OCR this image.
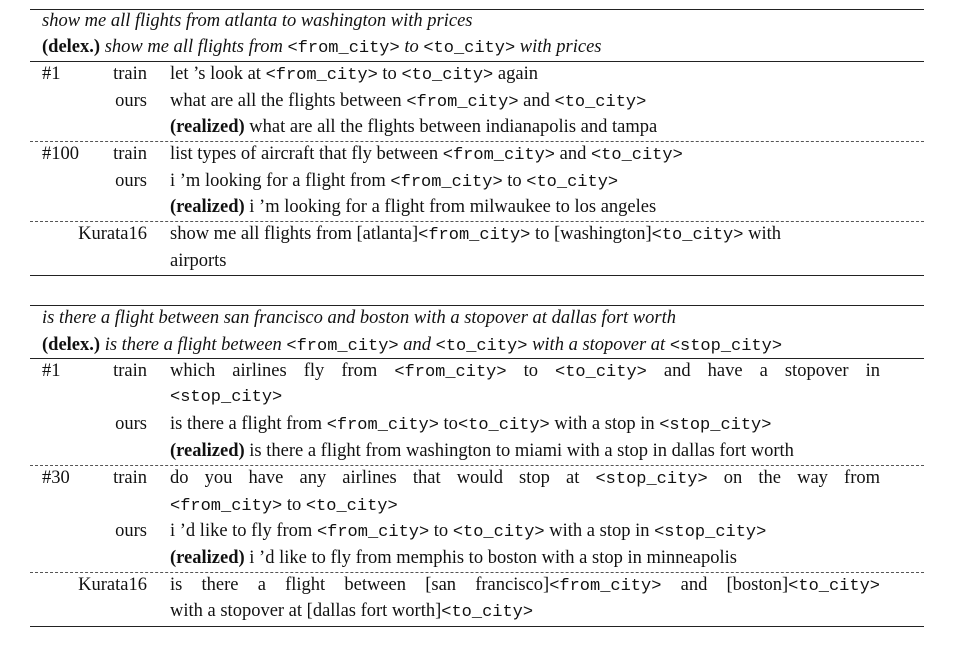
show me all flights from atlanta to washington with prices
(delex.) show me all flights from <from_city> to <to_city> with prices
#1	train let ’s look at <from_city> to <to_city> again
ours what are all the flights between <from_city> and <to_city>
(realized) what are all the flights between indianapolis and tampa
#100	train list types of aircraft that fly between <from_city> and <to_city>
ours i ’m looking for a flight from <from_city> to <to_city>
(realized) i ’m looking for a flight from milwaukee to los angeles
Kurata16 show me all flights from [atlanta]<from_city> to [washington]<to_city> with
airports
is there a flight between san francisco and boston with a stopover at dallas fort worth
(delex.) is there a flight between <from_city> and <to_city> with a stopover at <stop_city>
#1	train which airlines fly from <from_city> to <to_city> and have a stopover in
<stop_city>
ours is there a flight from <from_city> to<to_city> with a stop in <stop_city>
(realized) is there a flight from washington to miami with a stop in dallas fort worth
#30	train do you have any airlines that would stop at <stop_city> on the way from
<from_city> to <to_city>
ours i ’d like to fly from <from_city> to <to_city> with a stop in <stop_city>
(realized) i ’d like to fly from memphis to boston with a stop in minneapolis
Kurata16 is there a flight between [san francisco]<from_city> and [boston]<to_city>
with a stopover at [dallas fort worth]<to_city>
